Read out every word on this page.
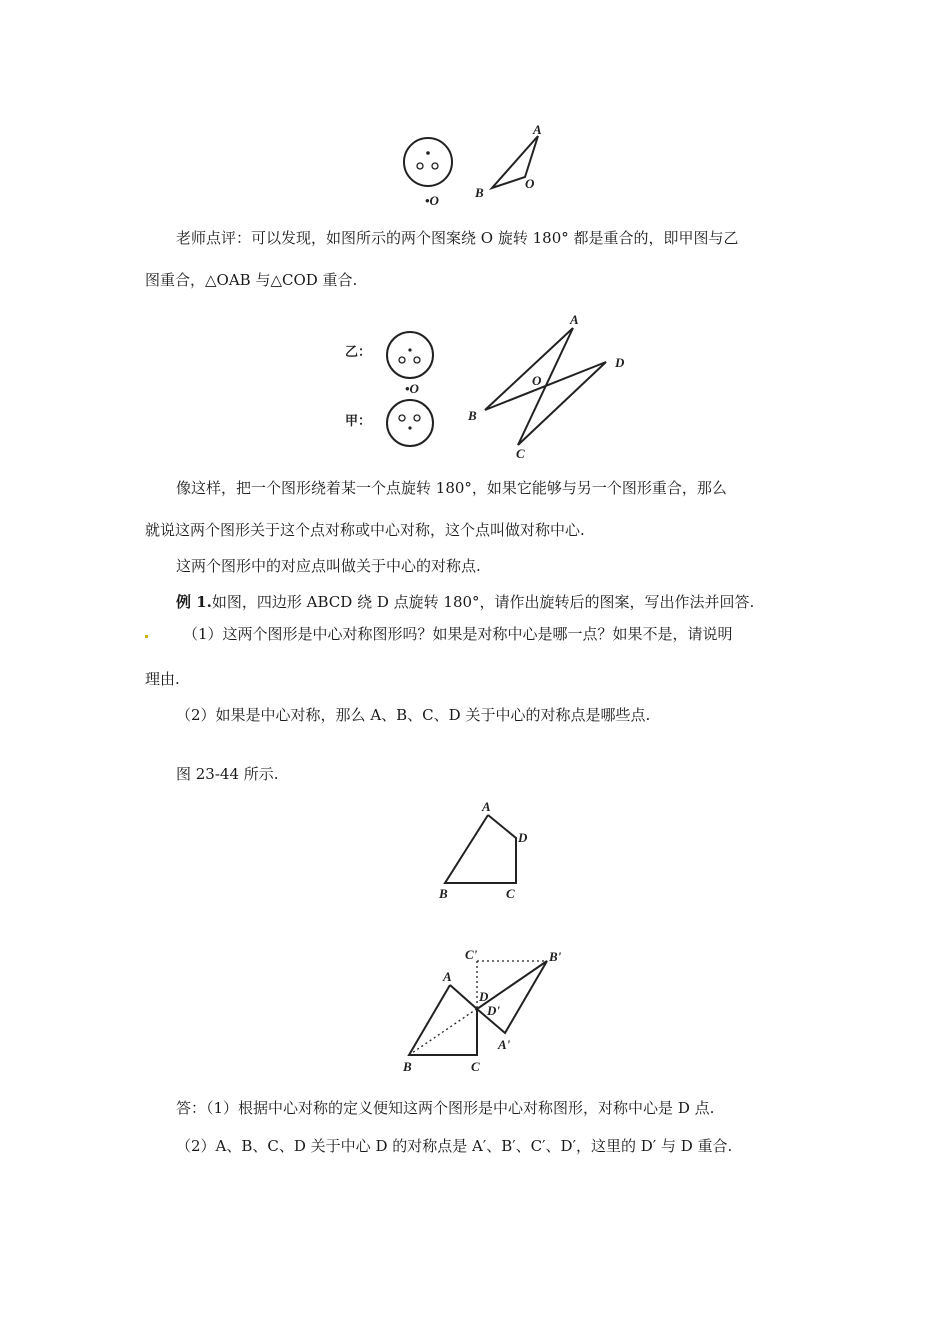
A
B
O
•O
老师点评：可以发现，如图所示的两个图案绕 O 旋转 180° 都是重合的，即甲图与乙
图重合，△OAB 与△COD 重合.
乙：
•O
甲：
A
D
O
B
C
像这样，把一个图形绕着某一个点旋转 180°，如果它能够与另一个图形重合，那么
就说这两个图形关于这个点对称或中心对称，这个点叫做对称中心.
这两个图形中的对应点叫做关于中心的对称点.
例 1.如图，四边形 ABCD 绕 D 点旋转 180°，请作出旋转后的图案，写出作法并回答.
（1）这两个图形是中心对称图形吗？如果是对称中心是哪一点？如果不是，请说明
理由.
（2）如果是中心对称，那么 A、B、C、D 关于中心的对称点是哪些点.
图 23-44 所示.
A
D
B	C
C'	B'
A
D
D'
A'
B	C
答：（1）根据中心对称的定义便知这两个图形是中心对称图形，对称中心是 D 点.
（2）A、B、C、D 关于中心 D 的对称点是 A′、B′、C′、D′，这里的 D′ 与 D 重合.
